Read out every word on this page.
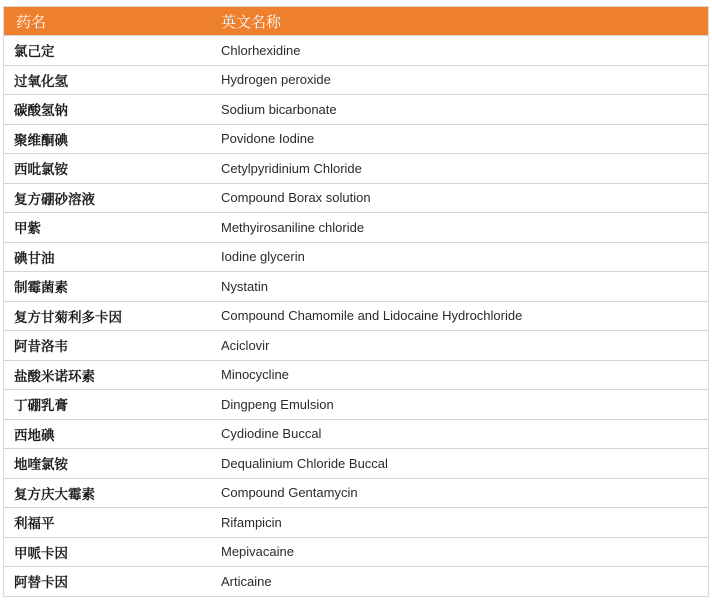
药名	英文名称
氯己定	Chlorhexidine
过氧化氢	Hydrogen peroxide
碳酸氢钠	Sodium bicarbonate
聚维酮碘	Povidone Iodine
西吡氯铵	Cetylpyridinium Chloride
复方硼砂溶液	Compound Borax solution
甲紫	Methyirosaniline chloride
碘甘油	Iodine glycerin
制霉菌素	Nystatin
复方甘菊利多卡因	Compound Chamomile and Lidocaine Hydrochloride
阿昔洛韦	Aciclovir
盐酸米诺环素	Minocycline
丁硼乳膏	Dingpeng Emulsion
西地碘	Cydiodine Buccal
地喹氯铵	Dequalinium Chloride Buccal
复方庆大霉素	Compound Gentamycin
利福平	Rifampicin
甲哌卡因	Mepivacaine
阿替卡因	Articaine
